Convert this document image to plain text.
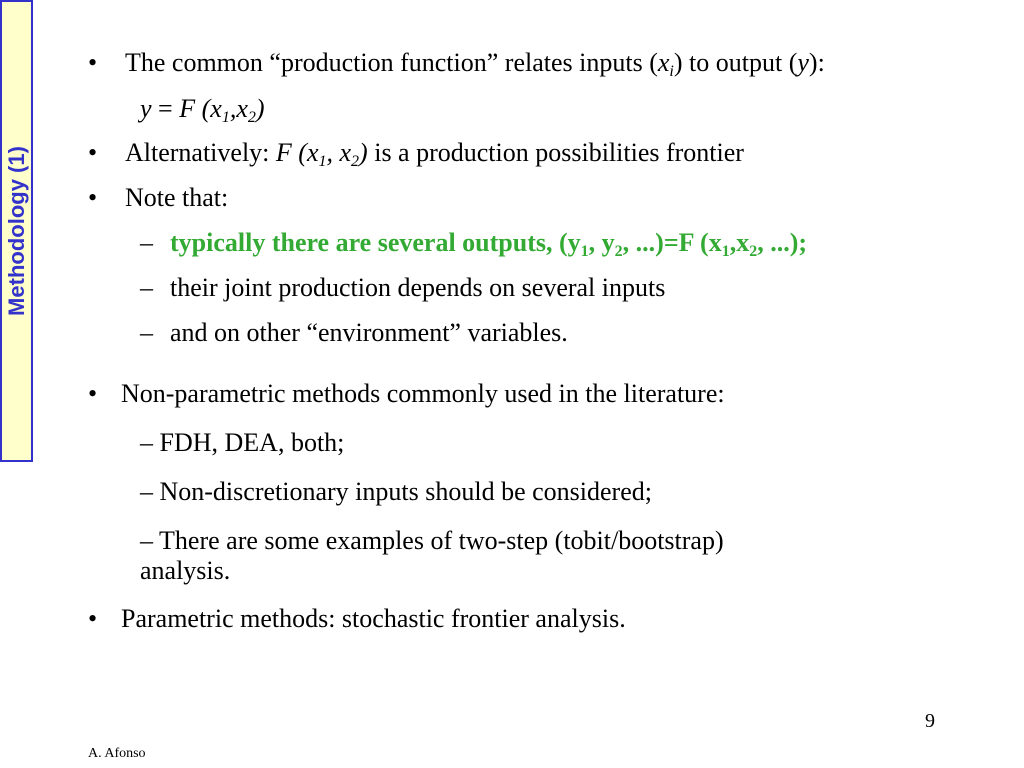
Methodology (1)
• The common “production function” relates inputs $(x_i)$ to output (y):
y = F $(x_1,x_2)$
• Alternatively: F ($x_1$, $x_2$) is a production possibilities frontier
• Note that:
– typically there are several outputs, ($y_1$, $y_2$, ...)=F ($x_1,x_2$, ...);
– their joint production depends on several inputs
– and on other “environment” variables.
• Non-parametric methods commonly used in the literature:
– FDH, DEA, both;
– Non-discretionary inputs should be considered;
– There are some examples of two-step (tobit/bootstrap)
analysis.
• Parametric methods: stochastic frontier analysis.
9
A. Afonso
